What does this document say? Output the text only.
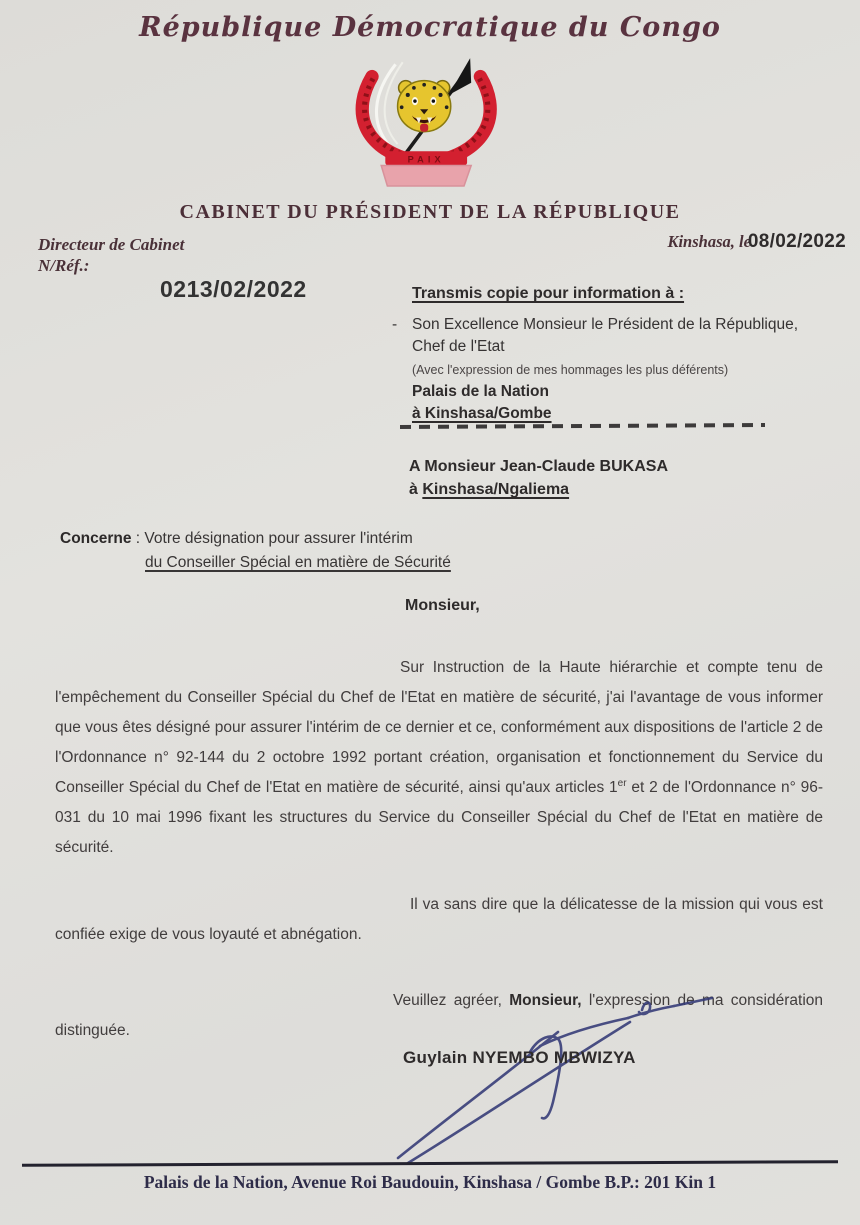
République Démocratique du Congo
PAIX
CABINET DU PRÉSIDENT DE LA RÉPUBLIQUE
Directeur de Cabinet
N/Réf.:
0213/02/2022
Kinshasa, le08/02/2022
Transmis copie pour information à :
- Son Excellence Monsieur le Président de la République,
Chef de l'Etat
(Avec l'expression de mes hommages les plus déférents)
Palais de la Nation
à Kinshasa/Gombe
A Monsieur Jean-Claude BUKASA
à Kinshasa/Ngaliema
Concerne : Votre désignation pour assurer l'intérim
du Conseiller Spécial en matière de Sécurité
Monsieur,

Sur Instruction de la Haute hiérarchie et compte tenu de l'empêchement du Conseiller Spécial du Chef de l'Etat en matière de sécurité, j'ai l'avantage de vous informer que vous êtes désigné pour assurer l'intérim de ce dernier et ce, conformément aux dispositions de l'article 2 de l'Ordonnance n° 92-144 du 2 octobre 1992 portant création, organisation et fonctionnement du Service du Conseiller Spécial du Chef de l'Etat en matière de sécurité, ainsi qu'aux articles 1er et 2 de l'Ordonnance n° 96-031 du 10 mai 1996 fixant les structures du Service du Conseiller Spécial du Chef de l'Etat en matière de sécurité.

Il va sans dire que la délicatesse de la mission qui vous est confiée exige de vous loyauté et abnégation.

Veuillez agréer, Monsieur, l'expression de ma considération distinguée.

Guylain NYEMBO MBWIZYA
Palais de la Nation, Avenue Roi Baudouin, Kinshasa / Gombe B.P.: 201 Kin 1
